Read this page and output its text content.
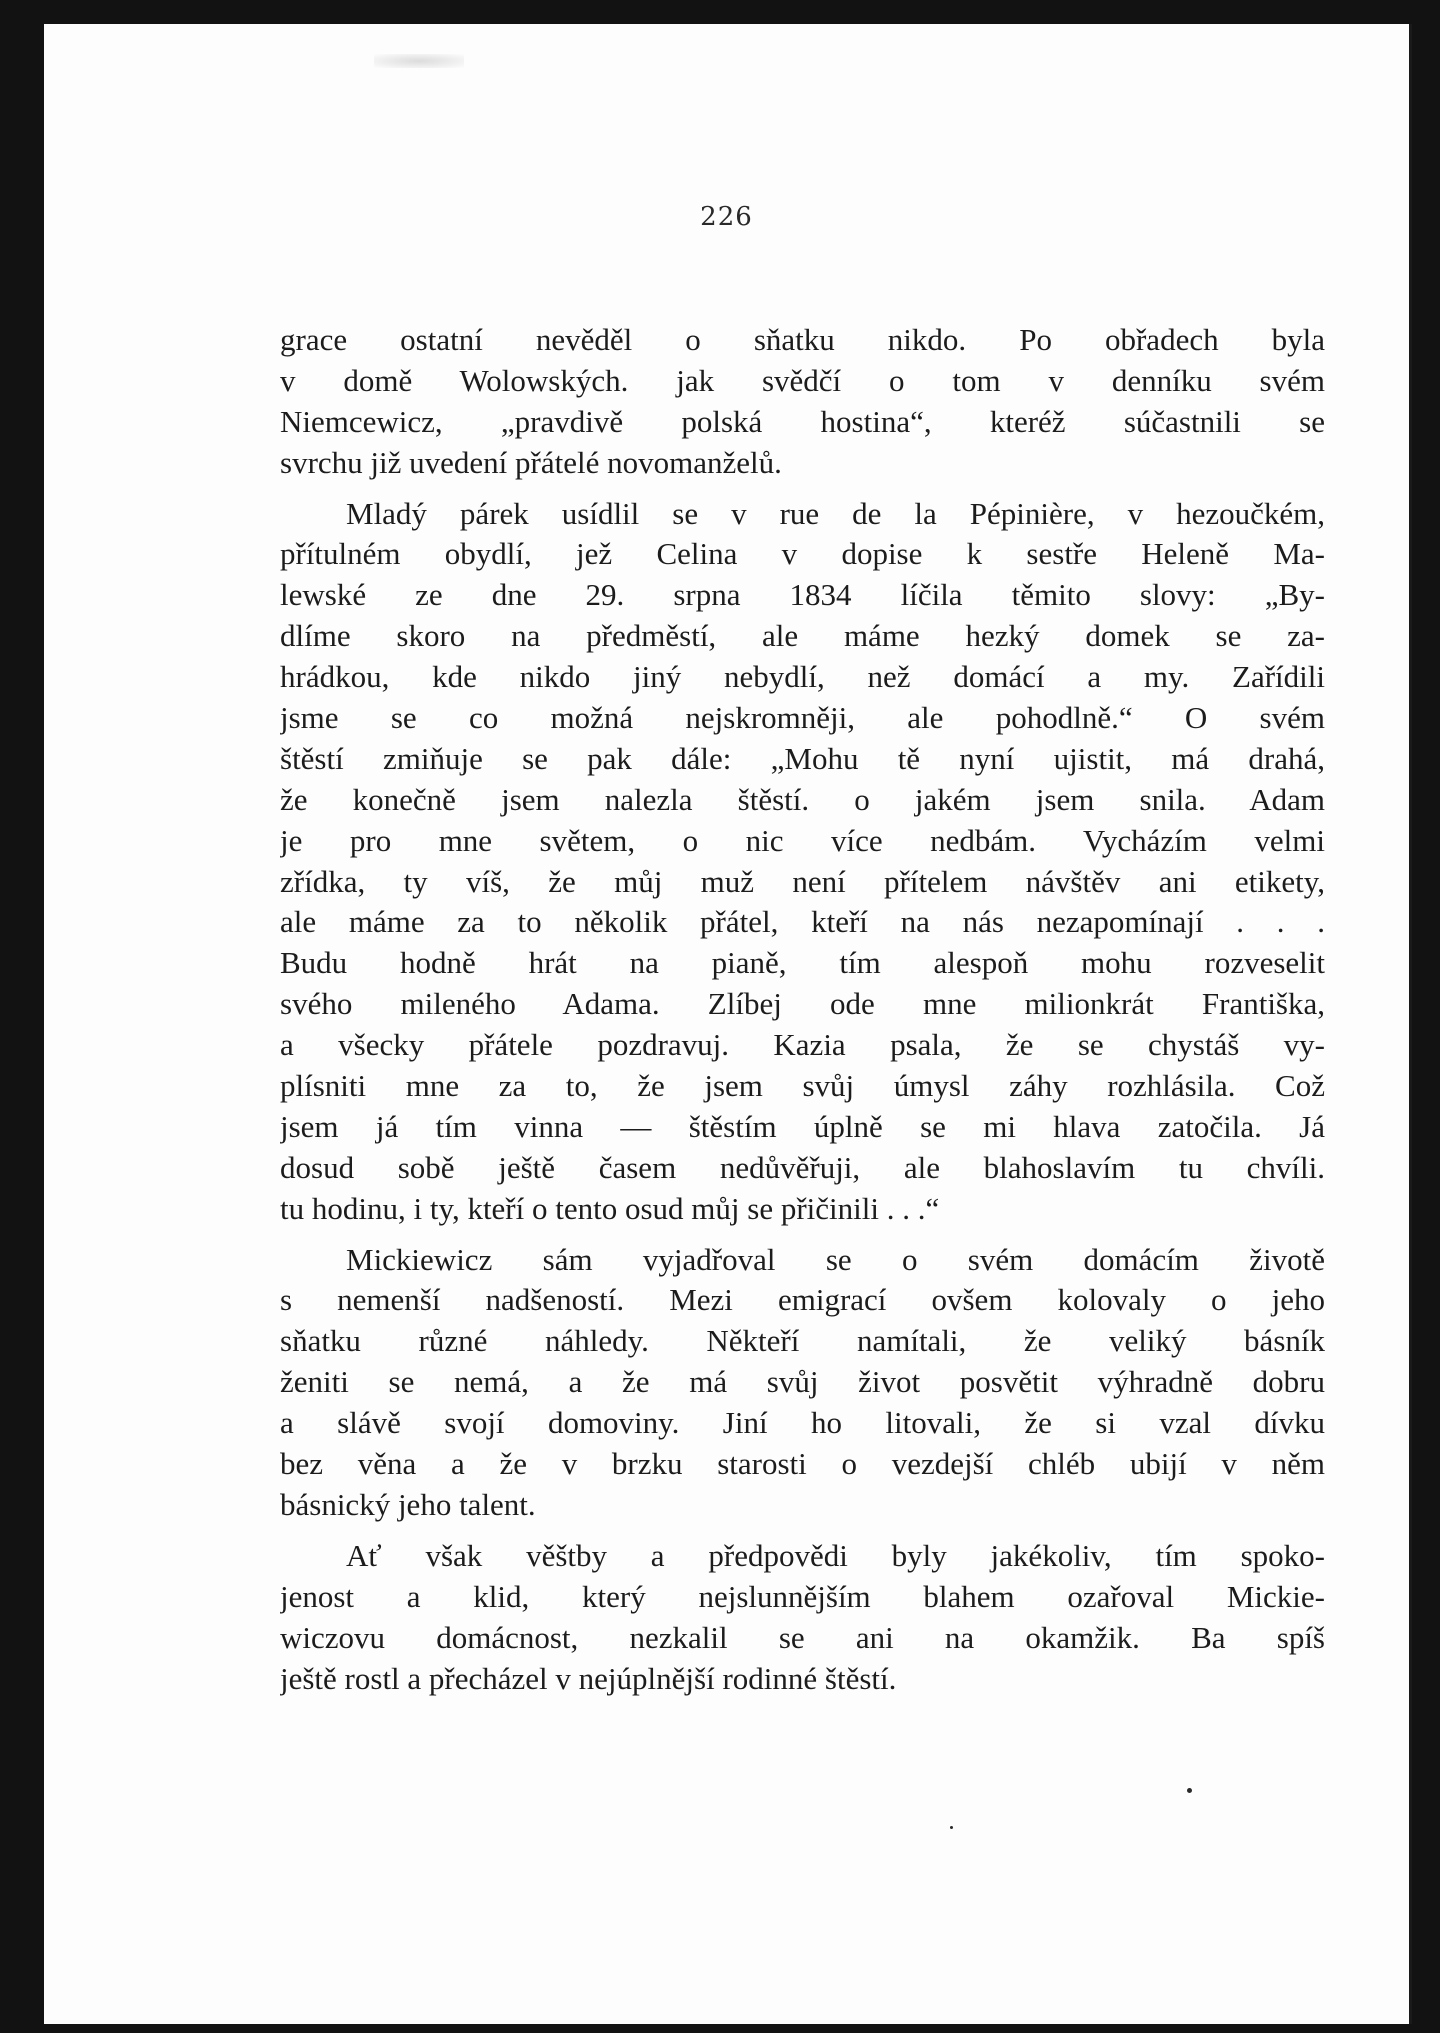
226
grace ostatní nevěděl o sňatku nikdo. Po obřadech byla
v domě Wolowských. jak svědčí o tom v denníku svém
Niemcewicz, „pravdivě polská hostina“, kteréž súčastnili se
svrchu již uvedení přátelé novomanželů.
Mladý párek usídlil se v rue de la Pépinière, v hezoučkém,
přítulném obydlí, jež Celina v dopise k sestře Heleně Ma-
lewské ze dne 29. srpna 1834 líčila těmito slovy: „By-
dlíme skoro na předměstí, ale máme hezký domek se za-
hrádkou, kde nikdo jiný nebydlí, než domácí a my. Zařídili
jsme se co možná nejskromněji, ale pohodlně.“ O svém
štěstí zmiňuje se pak dále: „Mohu tě nyní ujistit, má drahá,
že konečně jsem nalezla štěstí. o jakém jsem snila. Adam
je pro mne světem, o nic více nedbám. Vycházím velmi
zřídka, ty víš, že můj muž není přítelem návštěv ani etikety,
ale máme za to několik přátel, kteří na nás nezapomínají . . .
Budu hodně hrát na pianě, tím alespoň mohu rozveselit
svého mileného Adama. Zlíbej ode mne milionkrát Františka,
a všecky přátele pozdravuj. Kazia psala, že se chystáš vy-
plísniti mne za to, že jsem svůj úmysl záhy rozhlásila. Což
jsem já tím vinna — štěstím úplně se mi hlava zatočila. Já
dosud sobě ještě časem nedůvěřuji, ale blahoslavím tu chvíli.
tu hodinu, i ty, kteří o tento osud můj se přičinili . . .“
Mickiewicz sám vyjadřoval se o svém domácím životě
s nemenší nadšeností. Mezi emigrací ovšem kolovaly o jeho
sňatku různé náhledy. Někteří namítali, že veliký básník
ženiti se nemá, a že má svůj život posvětit výhradně dobru
a slávě svojí domoviny. Jiní ho litovali, že si vzal dívku
bez věna a že v brzku starosti o vezdejší chléb ubijí v něm
básnický jeho talent.
Ať však věštby a předpovědi byly jakékoliv, tím spoko-
jenost a klid, který nejslunnějším blahem ozařoval Mickie-
wiczovu domácnost, nezkalil se ani na okamžik. Ba spíš
ještě rostl a přecházel v nejúplnější rodinné štěstí.
